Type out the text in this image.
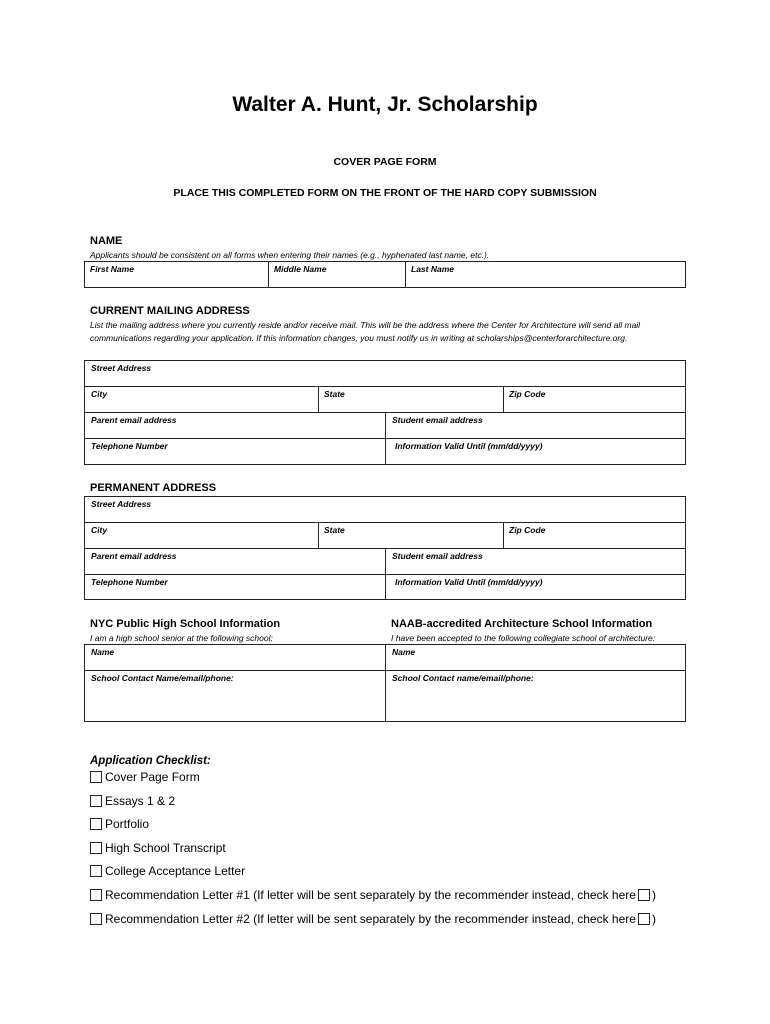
Walter A. Hunt, Jr. Scholarship
COVER PAGE FORM
PLACE THIS COMPLETED FORM ON THE FRONT OF THE HARD COPY SUBMISSION
NAME
Applicants should be consistent on all forms when entering their names (e.g., hyphenated last name, etc.).
First Name	Middle Name	Last Name
CURRENT MAILING ADDRESS
List the mailing address where you currently reside and/or receive mail. This will be the address where the Center for Architecture will send all mail
communications regarding your application. If this information changes, you must notify us in writing at scholarships@centerforarchitecture.org.
Street Address
City	State	Zip Code
Parent email address	Student email address
Telephone Number	Information Valid Until (mm/dd/yyyy)
PERMANENT ADDRESS
Street Address
City	State	Zip Code
Parent email address	Student email address
Telephone Number	Information Valid Until (mm/dd/yyyy)
NYC Public High School Information
I am a high school senior at the following school:
NAAB-accredited Architecture School Information
I have been accepted to the following collegiate school of architecture:
Name	Name
School Contact Name/email/phone:	School Contact name/email/phone:
Application Checklist:
Cover Page Form
Essays 1 & 2
Portfolio
High School Transcript
College Acceptance Letter
Recommendation Letter #1 (If letter will be sent separately by the recommender instead, check here )
Recommendation Letter #2 (If letter will be sent separately by the recommender instead, check here )
